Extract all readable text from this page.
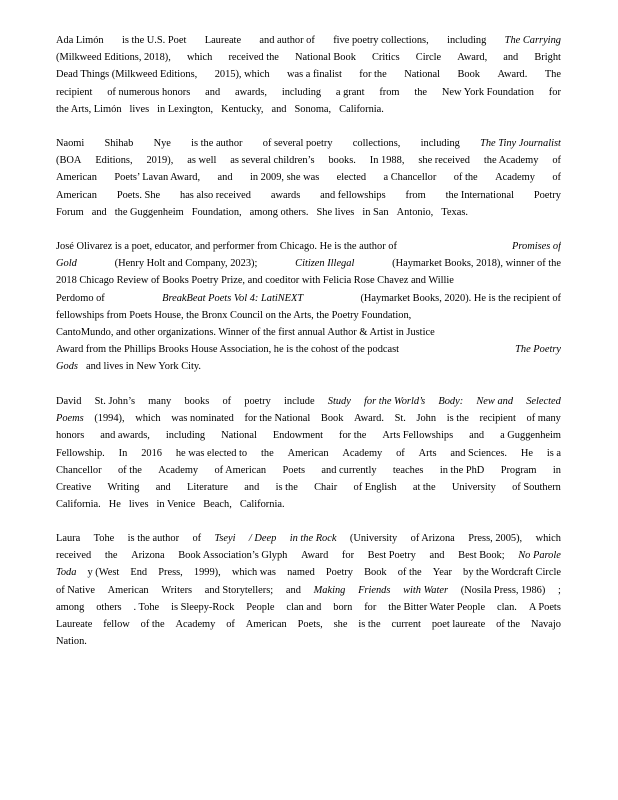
Ada Limón is the U.S. Poet Laureate and author of five poetry collections, including The Carrying
(Milkweed Editions, 2018), which received the National Book Critics Circle Award, and Bright
Dead Things (Milkweed Editions, 2015), which was a finalist for the National Book Award. The
recipient of numerous honors and awards, including a grant from the New York Foundation for
the Arts, Limón lives in Lexington, Kentucky, and Sonoma, California.
Naomi Shihab Nye is the author of several poetry collections, including The Tiny Journalist
(BOA Editions, 2019), as well as several children’s books. In 1988, she received the Academy of
American Poets’ Lavan Award, and in 2009, she was elected a Chancellor of the Academy of
American Poets. She has also received awards and fellowships from the International Poetry
Forum and the Guggenheim Foundation, among others. She lives in San Antonio, Texas.
José Olivarez is a poet, educator, and performer from Chicago. He is the author of	Promises of
Gold	(Henry Holt and Company, 2023);	Citizen Illegal	(Haymarket Books, 2018), winner of the
2018 Chicago Review of Books Poetry Prize, and coeditor with Felicia Rose Chavez and Willie
Perdomo of	BreakBeat Poets Vol 4: LatiNEXT	(Haymarket Books, 2020). He is the recipient of
fellowships from Poets House, the Bronx Council on the Arts, the Poetry Foundation,
CantoMundo, and other organizations. Winner of the first annual Author & Artist in Justice
Award from the Phillips Brooks House Association, he is the cohost of the podcast	The Poetry
Gods and lives in New York City.
David St. John’s many books of poetry include Study for the World’s Body: New and Selected
Poems (1994), which was nominated for the National Book Award. St. John is the recipient of many
honors and awards, including National Endowment for the Arts Fellowships and a Guggenheim
Fellowship. In 2016 he was elected to the American Academy of Arts and Sciences. He is a
Chancellor of the Academy of American Poets and currently teaches in the PhD Program in
Creative Writing and Literature and is the Chair of English at the University of Southern
California. He lives in Venice Beach, California.
Laura Tohe is the author of Tseyi / Deep in the Rock (University of Arizona Press, 2005), which
received the Arizona Book Association’s Glyph Award for Best Poetry and Best Book; No Parole
Toda y (West End Press, 1999), which was named Poetry Book of the Year by the Wordcraft Circle
of Native American Writers and Storytellers; and Making Friends with Water (Nosila Press, 1986) ;
among others . Tohe is Sleepy-Rock People clan and born for the Bitter Water People clan. A Poets
Laureate fellow of the Academy of American Poets, she is the current poet laureate of the Navajo
Nation.
